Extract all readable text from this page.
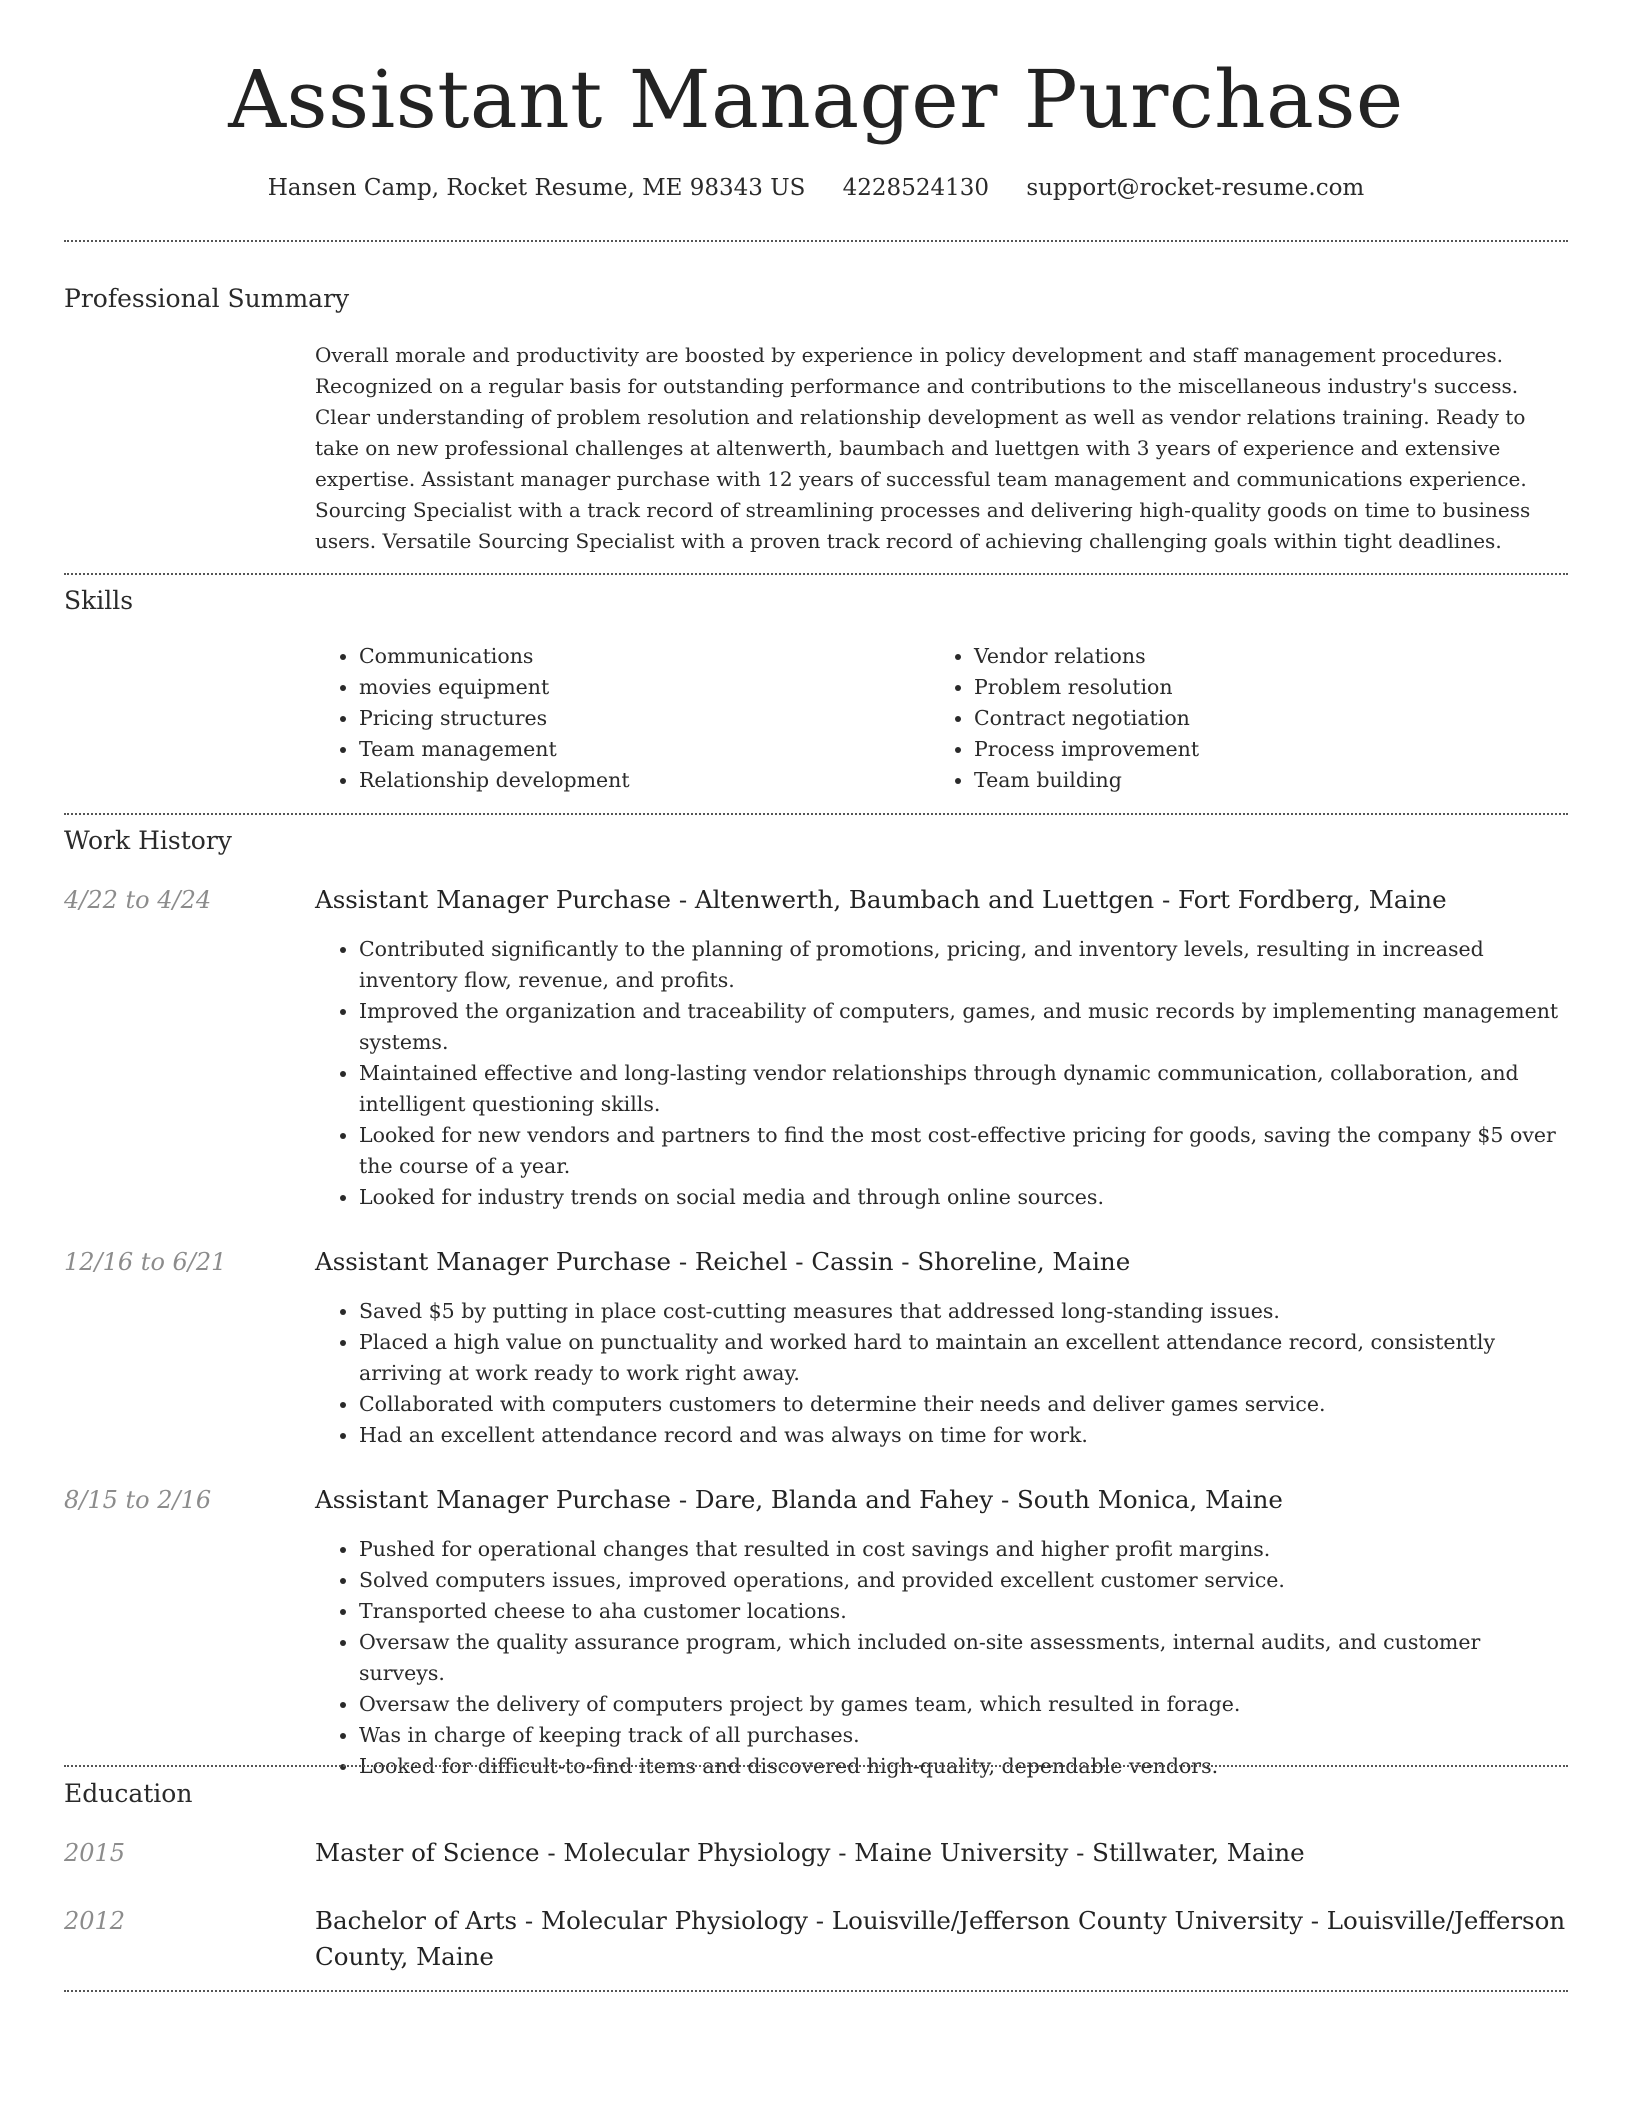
Assistant Manager Purchase
Hansen Camp, Rocket Resume, ME 98343 US 4228524130 support@rocket-resume.com
Professional Summary

Overall morale and productivity are boosted by experience in policy development and staff management procedures. Recognized on a regular basis for outstanding performance and contributions to the miscellaneous industry's success. Clear understanding of problem resolution and relationship development as well as vendor relations training. Ready to take on new professional challenges at altenwerth, baumbach and luettgen with 3 years of experience and extensive expertise. Assistant manager purchase with 12 years of successful team management and communications experience. Sourcing Specialist with a track record of streamlining processes and delivering high-quality goods on time to business users. Versatile Sourcing Specialist with a proven track record of achieving challenging goals within tight deadlines.

Skills
• Communications
• movies equipment
• Pricing structures
• Team management
• Relationship development
• Vendor relations
• Problem resolution
• Contract negotiation
• Process improvement
• Team building
Work History
4/22 to 4/24	Assistant Manager Purchase - Altenwerth, Baumbach and Luettgen - Fort Fordberg, Maine
• Contributed significantly to the planning of promotions, pricing, and inventory levels, resulting in increased inventory flow, revenue, and profits.
• Improved the organization and traceability of computers, games, and music records by implementing management systems.
• Maintained effective and long-lasting vendor relationships through dynamic communication, collaboration, and intelligent questioning skills.
• Looked for new vendors and partners to find the most cost-effective pricing for goods, saving the company $5 over the course of a year.
• Looked for industry trends on social media and through online sources.
12/16 to 6/21	Assistant Manager Purchase - Reichel - Cassin - Shoreline, Maine
• Saved $5 by putting in place cost-cutting measures that addressed long-standing issues.
• Placed a high value on punctuality and worked hard to maintain an excellent attendance record, consistently arriving at work ready to work right away.
• Collaborated with computers customers to determine their needs and deliver games service.
• Had an excellent attendance record and was always on time for work.
8/15 to 2/16	Assistant Manager Purchase - Dare, Blanda and Fahey - South Monica, Maine
• Pushed for operational changes that resulted in cost savings and higher profit margins.
• Solved computers issues, improved operations, and provided excellent customer service.
• Transported cheese to aha customer locations.
• Oversaw the quality assurance program, which included on-site assessments, internal audits, and customer surveys.
• Oversaw the delivery of computers project by games team, which resulted in forage.
• Was in charge of keeping track of all purchases.
• Looked for difficult-to-find items and discovered high-quality, dependable vendors.
Education
2015	Master of Science - Molecular Physiology - Maine University - Stillwater, Maine
2012	Bachelor of Arts - Molecular Physiology - Louisville/Jefferson County University - Louisville/Jefferson County, Maine
